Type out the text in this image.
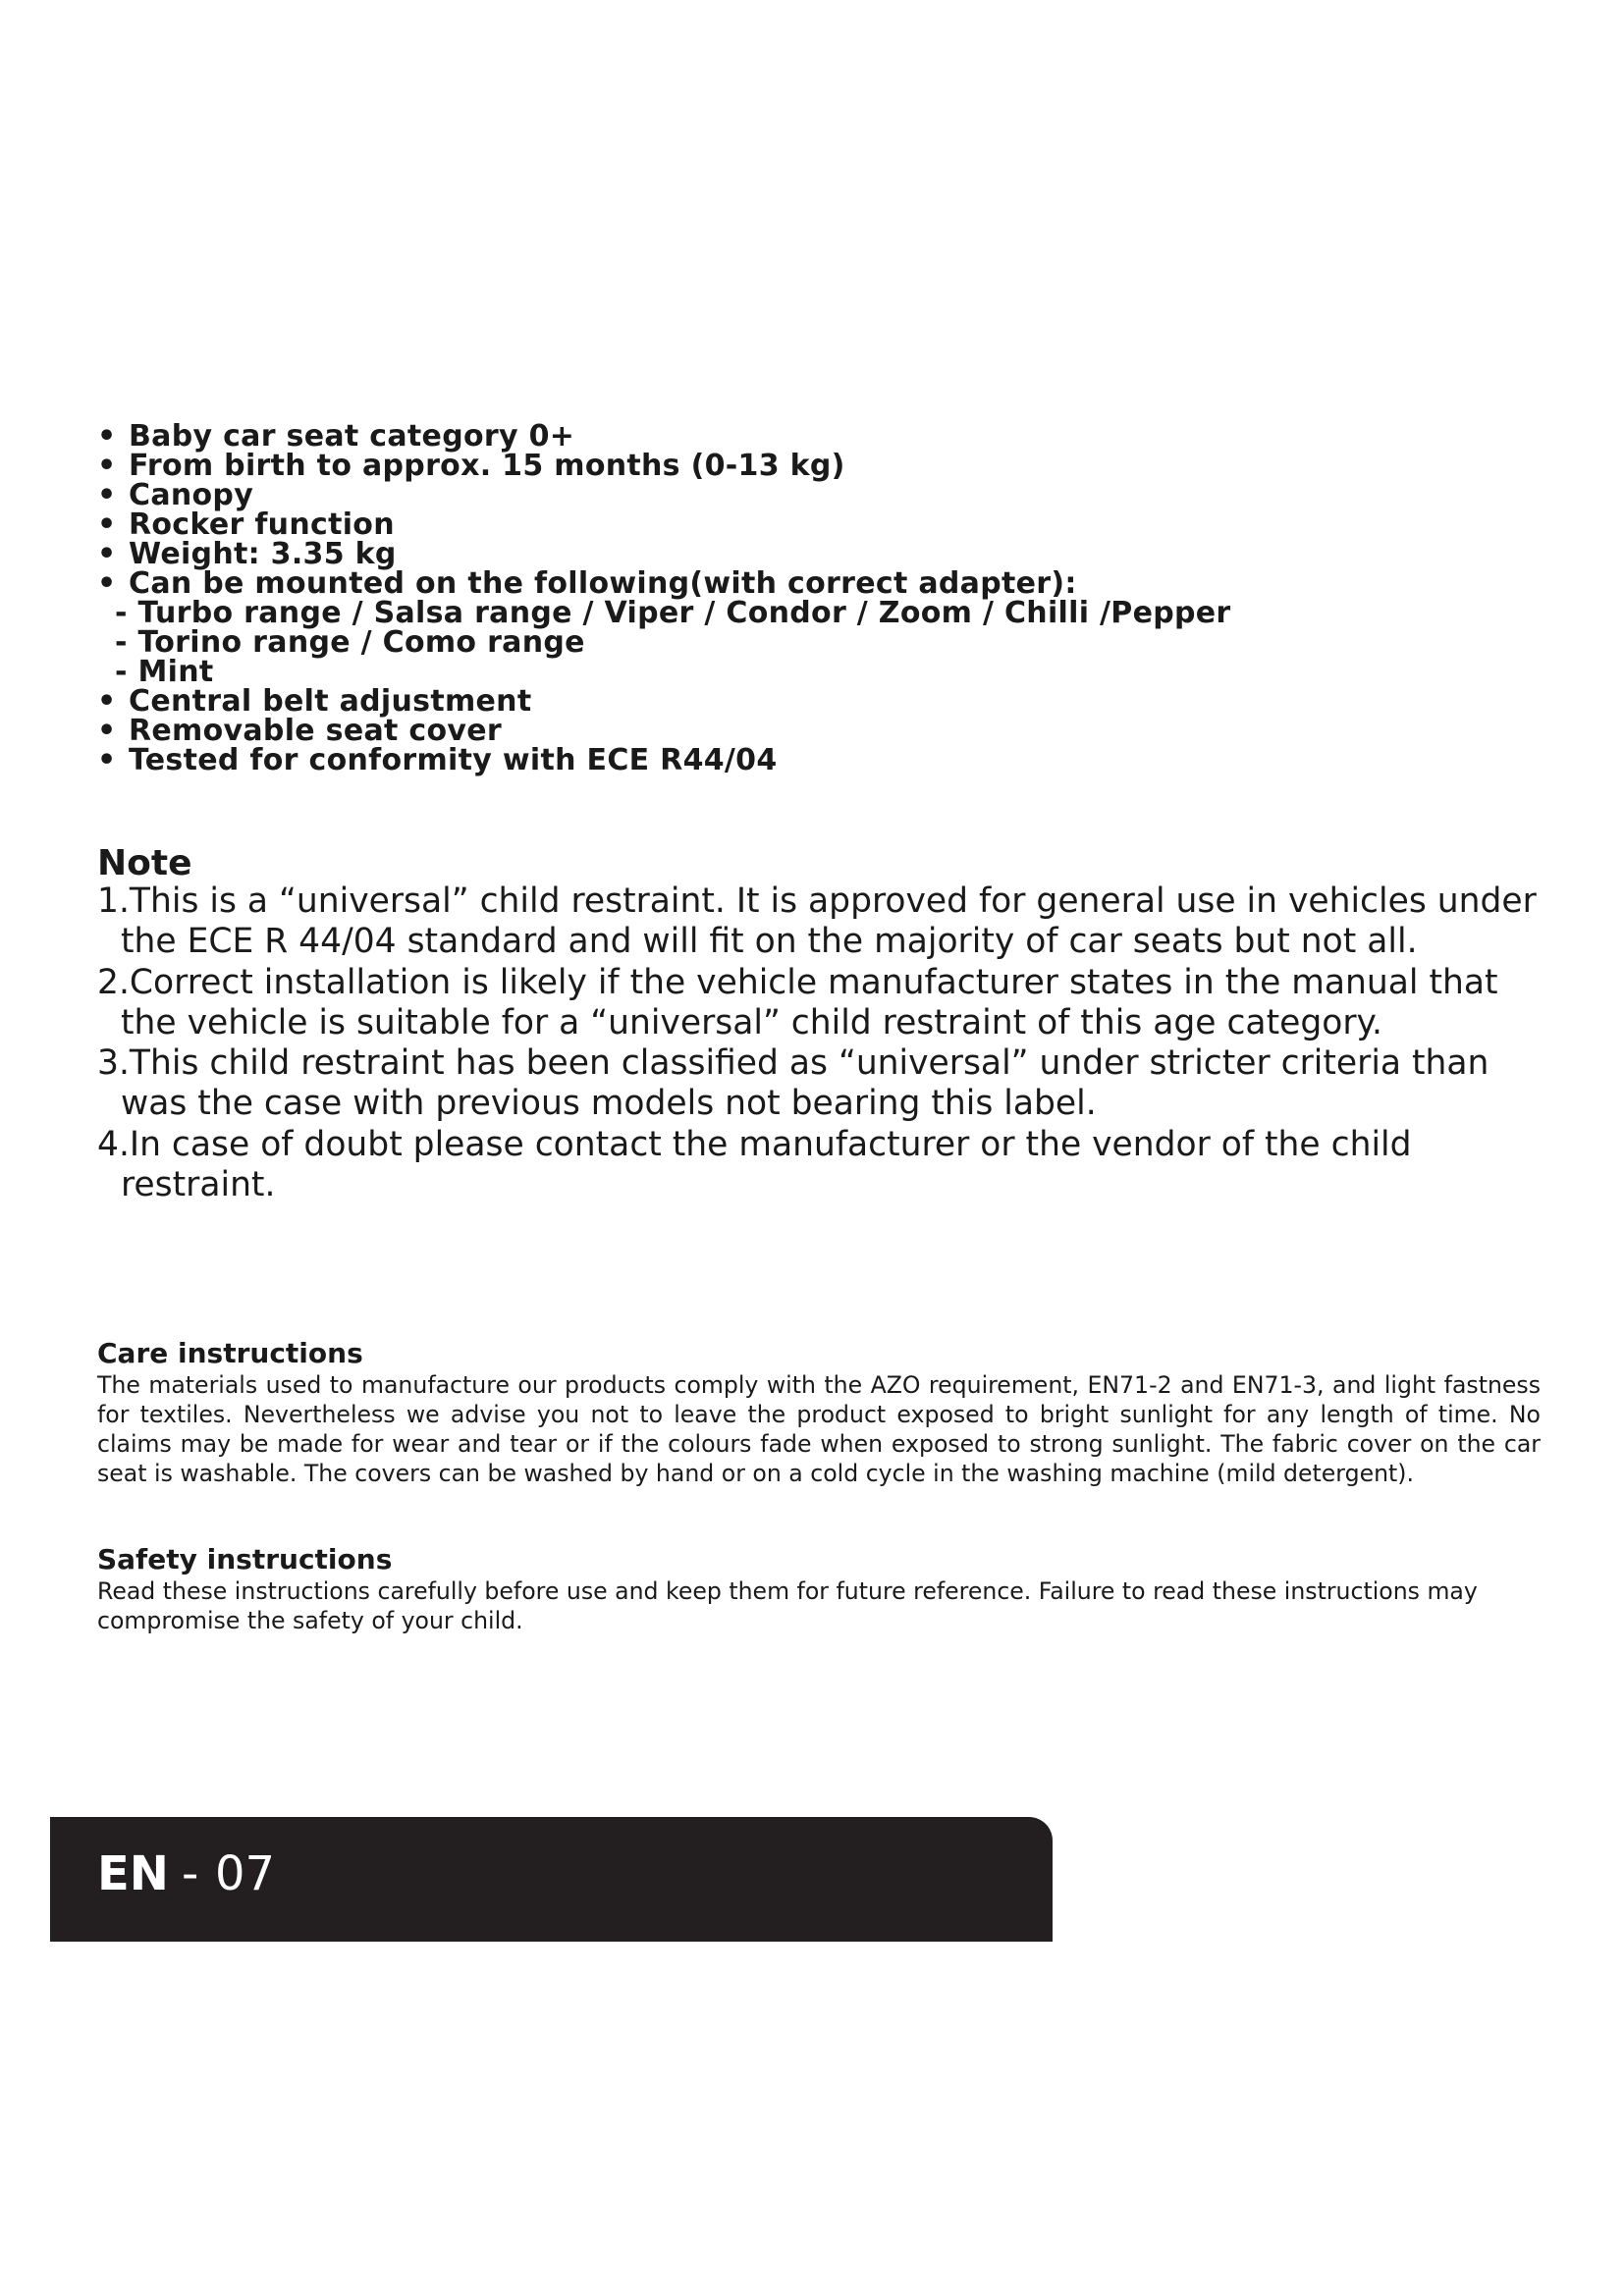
• Baby car seat category 0+
• From birth to approx. 15 months (0-13 kg)
• Canopy
• Rocker function
• Weight: 3.35 kg
• Can be mounted on the following(with correct adapter):
- Turbo range / Salsa range / Viper / Condor / Zoom / Chilli /Pepper
- Torino range / Como range
- Mint
• Central belt adjustment
• Removable seat cover
• Tested for conformity with ECE R44/04
Note
1.This is a “universal” child restraint. It is approved for general use in vehicles under the ECE R 44/04 standard and will fit on the majority of car seats but not all.
2.Correct installation is likely if the vehicle manufacturer states in the manual that the vehicle is suitable for a “universal” child restraint of this age category.
3.This child restraint has been classified as “universal” under stricter criteria than was the case with previous models not bearing this label.
4.In case of doubt please contact the manufacturer or the vendor of the child restraint.
Care instructions
The materials used to manufacture our products comply with the AZO requirement, EN71-2 and EN71-3, and light fastness for textiles. Nevertheless we advise you not to leave the product exposed to bright sunlight for any length of time. No claims may be made for wear and tear or if the colours fade when exposed to strong sunlight. The fabric cover on the car seat is washable. The covers can be washed by hand or on a cold cycle in the washing machine (mild detergent).
Safety instructions
Read these instructions carefully before use and keep them for future reference. Failure to read these instructions may compromise the safety of your child.
EN - 07
